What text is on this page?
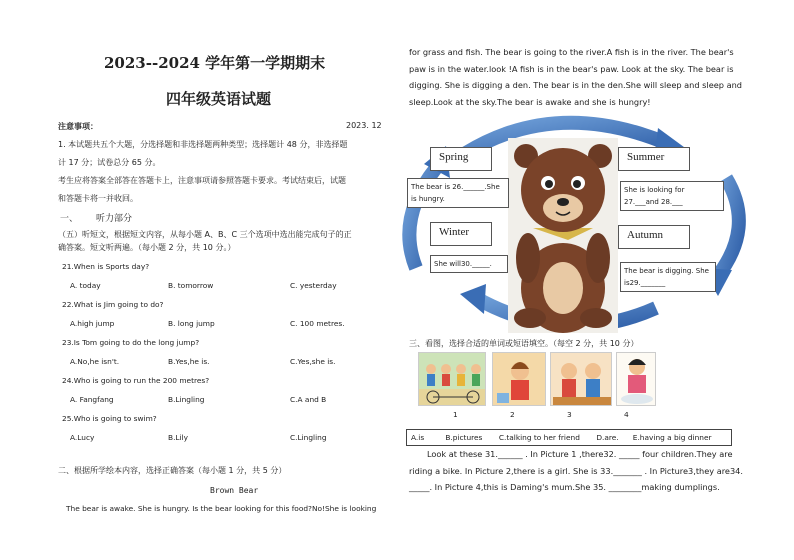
2023--2024 学年第一学期期末
四年级英语试题
注意事项：	2023. 12
1. 本试题共五个大题，分选择题和非选择题两种类型；选择题计 48 分，非选择题
计 17 分；试卷总分 65 分。
考生应将答案全部答在答题卡上，注意事项请参照答题卡要求。考试结束后，试题
和答题卡将一并收回。
一、 听力部分
（五）听短文，根据短文内容，从每小题 A、B、C 三个选项中选出能完成句子的正
确答案。短文听两遍。（每小题 2 分，共 10 分。）
21.When is Sports day?
A. today	B. tomorrow	C. yesterday
22.What is Jim going to do?
A.high jump	B. long jump	C. 100 metres.
23.Is Tom going to do the long jump?
A.No,he isn't.	B.Yes,he is.	C.Yes,she is.
24.Who is going to run the 200 metres?
A. Fangfang	B.Lingling	C.A and B
25.Who is going to swim?
A.Lucy	B.Lily	C.Lingling
二、根据所学绘本内容，选择正确答案（每小题 1 分，共 5 分）
Brown Bear
The bear is awake. She is hungry. Is the bear looking for this food?No!She is looking
for grass and fish. The bear is going to the river.A fish is in the river. The bear's paw is in the water.look !A fish is in the bear's paw. Look at the sky. The bear is digging. She is digging a den. The bear is in the den.She will sleep and sleep and sleep.Look at the sky.The bear is awake and she is hungry!
Spring	Summer
Winter	Autumn
The bear is 26.______.She is hungry.
She is looking for 27.___and 28.___
She will30._____.
The bear is digging. She is29._______
三、看图，选择合适的单词或短语填空。（每空 2 分，共 10 分）
1	2	3	4
A.is         B.pictures       C.talking to her friend       D.are.      E.having a big dinner
Look at these 31.______ . In Picture 1 ,there32. _____ four children.They are riding a bike. In Picture 2,there is a girl. She is 33._______ . In Picture3,they are34. _____. In Picture 4,this is Daming's mum.She 35. ________making dumplings.
